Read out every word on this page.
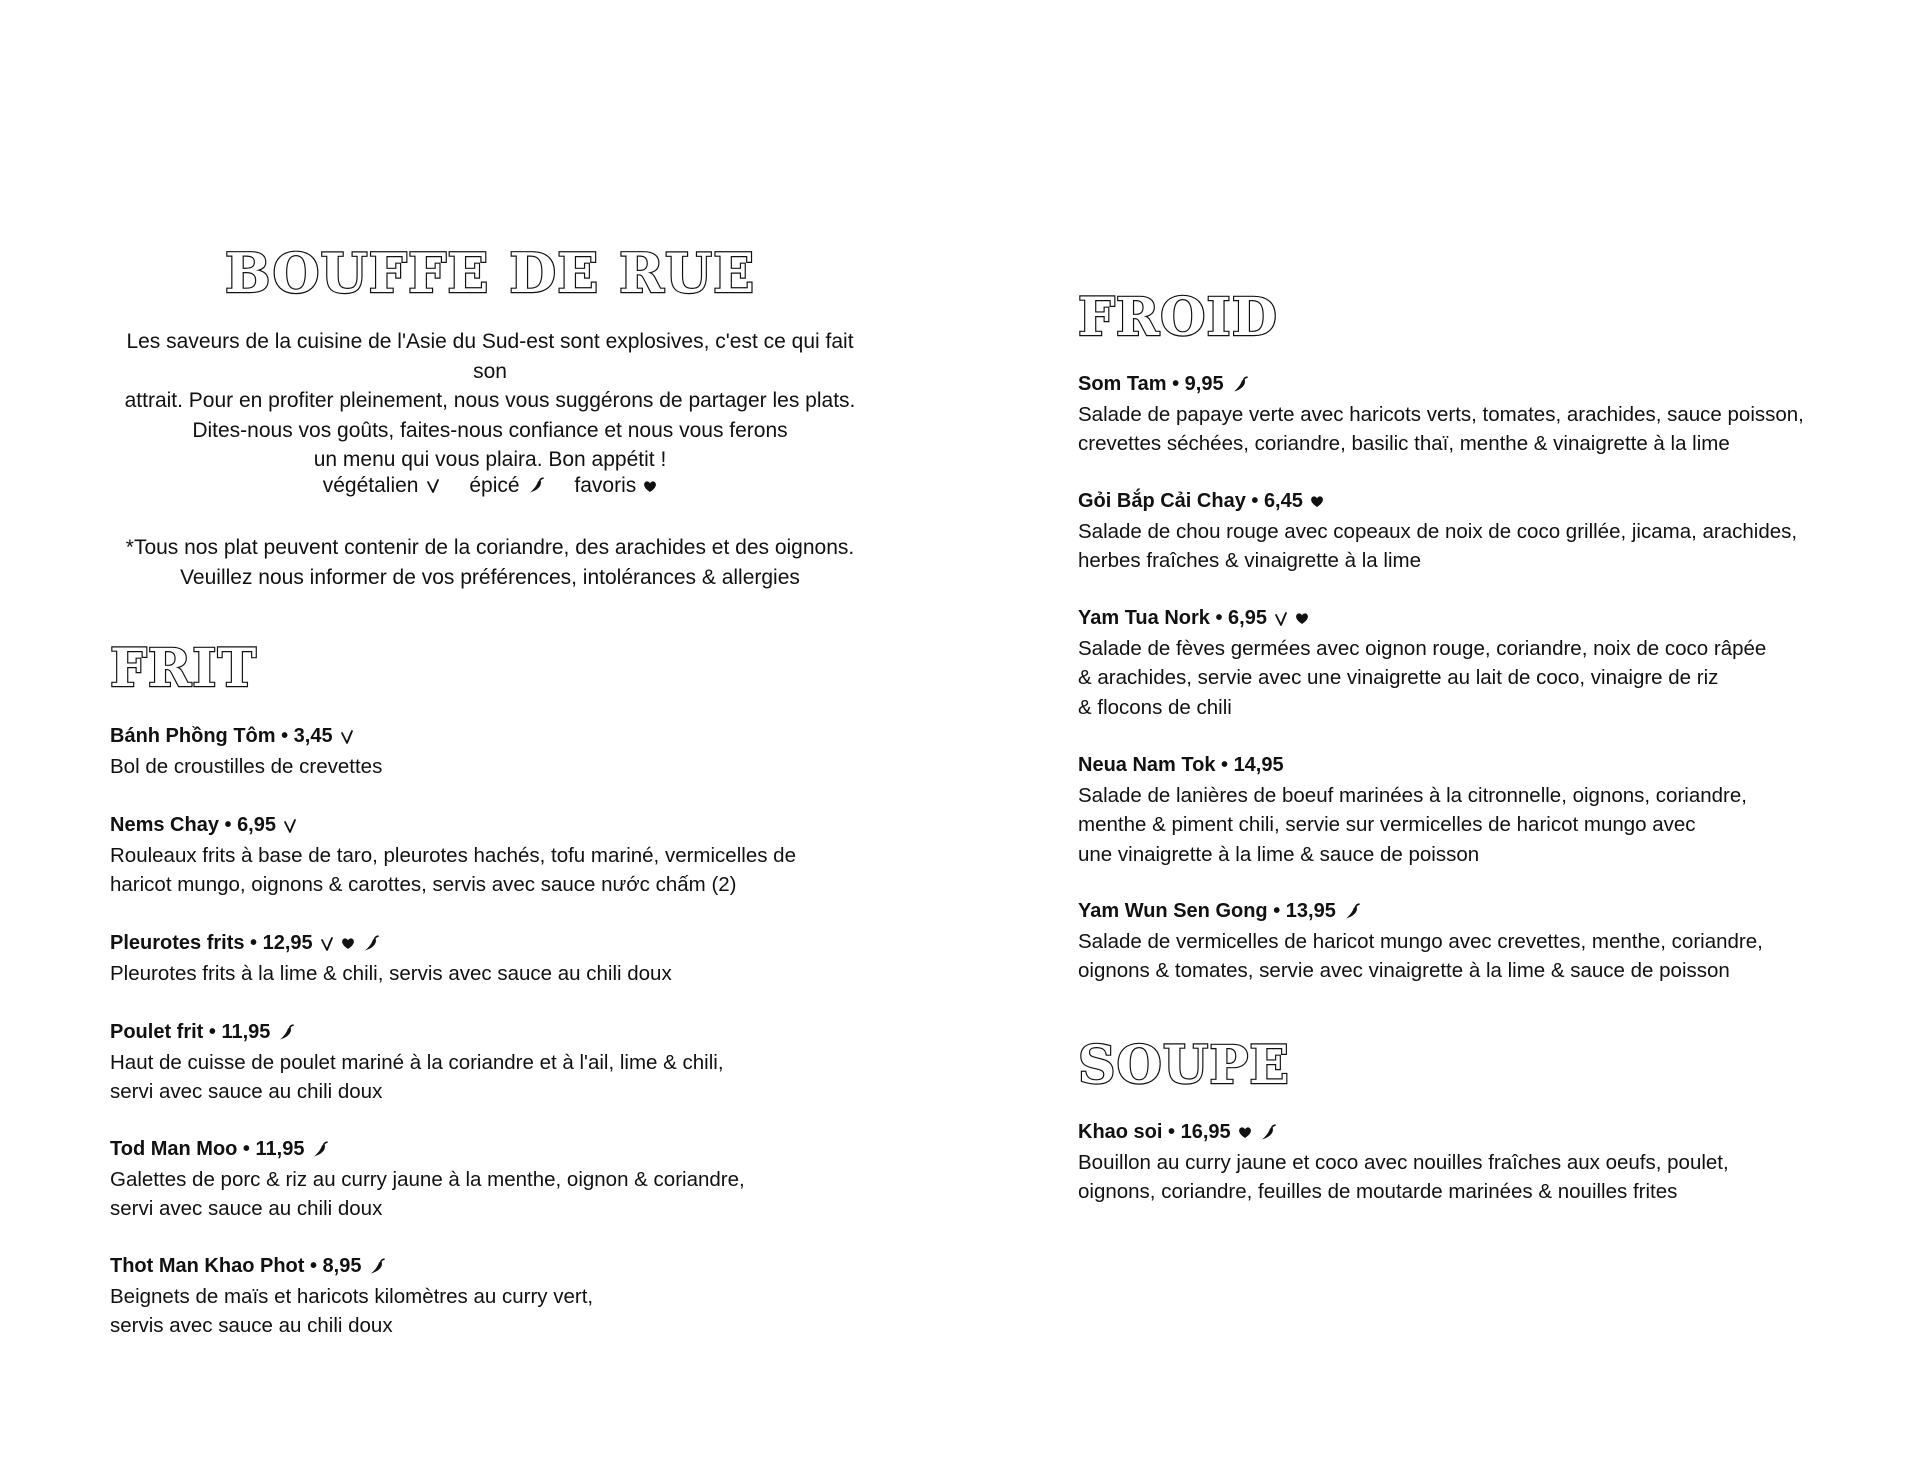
BOUFFE DE RUE
Les saveurs de la cuisine de l'Asie du Sud-est sont explosives, c'est ce qui fait son
attrait. Pour en profiter pleinement, nous vous suggérons de partager les plats.
Dites-nous vos goûts, faites-nous confiance et nous vous ferons
un menu qui vous plaira. Bon appétit !
végétalien épicé	favoris
*Tous nos plat peuvent contenir de la coriandre, des arachides et des oignons.
Veuillez nous informer de vos préférences, intolérances & allergies
FRIT
Bánh Phồng Tôm • 3,45
Bol de croustilles de crevettes
Nems Chay • 6,95
Rouleaux frits à base de taro, pleurotes hachés, tofu mariné, vermicelles de
haricot mungo, oignons & carottes, servis avec sauce nước chấm (2)
Pleurotes frits • 12,95
Pleurotes frits à la lime & chili, servis avec sauce au chili doux
Poulet frit • 11,95
Haut de cuisse de poulet mariné à la coriandre et à l'ail, lime & chili,
servi avec sauce au chili doux
Tod Man Moo • 11,95
Galettes de porc & riz au curry jaune à la menthe, oignon & coriandre,
servi avec sauce au chili doux
Thot Man Khao Phot • 8,95
Beignets de maïs et haricots kilomètres au curry vert,
servis avec sauce au chili doux
FROID
Som Tam • 9,95
Salade de papaye verte avec haricots verts, tomates, arachides, sauce poisson,
crevettes séchées, coriandre, basilic thaï, menthe & vinaigrette à la lime
Gỏi Bắp Cải Chay • 6,45
Salade de chou rouge avec copeaux de noix de coco grillée, jicama, arachides,
herbes fraîches & vinaigrette à la lime
Yam Tua Nork • 6,95
Salade de fèves germées avec oignon rouge, coriandre, noix de coco râpée
& arachides, servie avec une vinaigrette au lait de coco, vinaigre de riz
& flocons de chili
Neua Nam Tok • 14,95
Salade de lanières de boeuf marinées à la citronnelle, oignons, coriandre,
menthe & piment chili, servie sur vermicelles de haricot mungo avec
une vinaigrette à la lime & sauce de poisson
Yam Wun Sen Gong • 13,95
Salade de vermicelles de haricot mungo avec crevettes, menthe, coriandre,
oignons & tomates, servie avec vinaigrette à la lime & sauce de poisson
SOUPE
Khao soi • 16,95
Bouillon au curry jaune et coco avec nouilles fraîches aux oeufs, poulet,
oignons, coriandre, feuilles de moutarde marinées & nouilles frites
